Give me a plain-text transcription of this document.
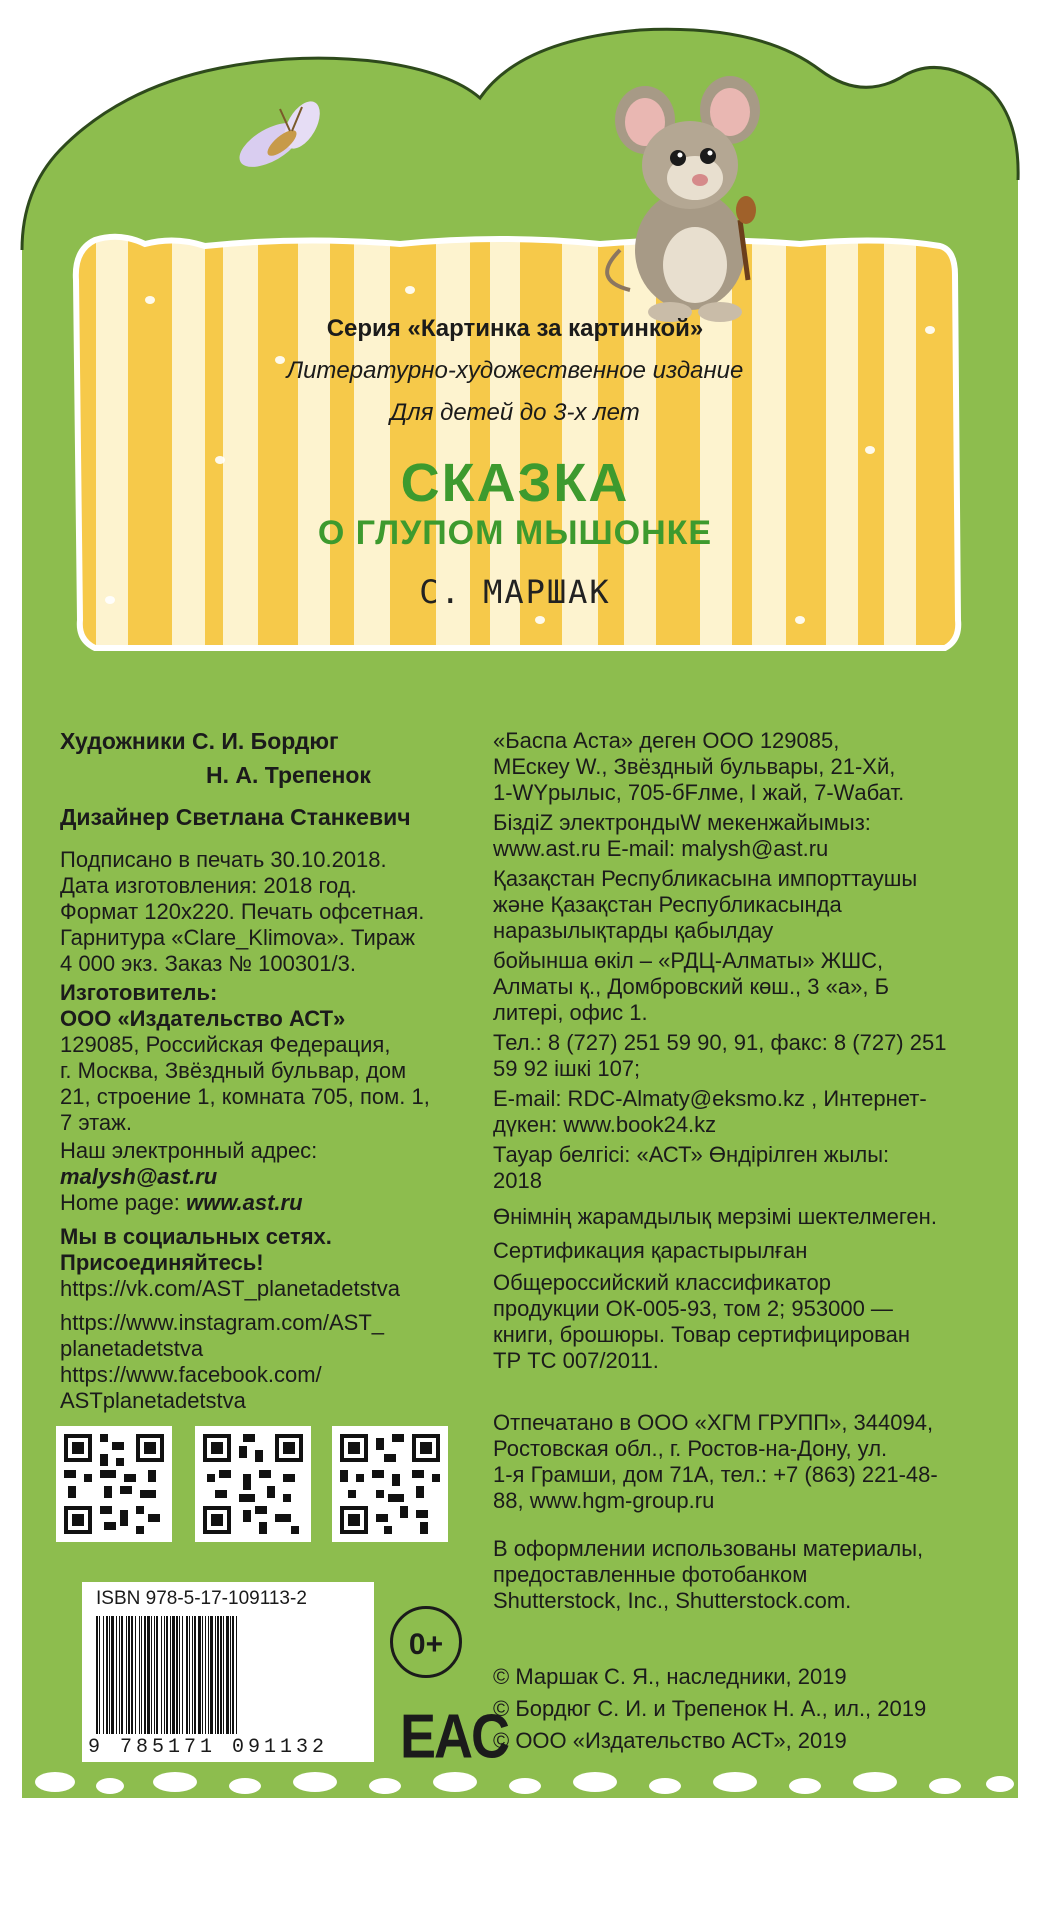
Серия «Картинка за картинкой»

Литературно-художественное издание

Для детей до 3-х лет

СКАЗКА

О ГЛУПОМ МЫШОНКЕ

С. МАРШАК

Художники С. И. Бордюг

Н. А. Трепенок

Дизайнер Светлана Станкевич

Подписано в печать 30.10.2018.
Дата изготовления: 2018 год.
Формат 120х220. Печать офсетная.
Гарнитура «Clare_Klimova». Тираж
4 000 экз. Заказ № 100301/3.

Изготовитель:

ООО «Издательство АСТ»

129085, Российская Федерация,
г. Москва, Звёздный бульвар, дом
21, строение 1, комната 705, пом. 1,
7 этаж.

Наш электронный адрес:

malysh@ast.ru

Home page: www.ast.ru

Мы в социальных сетях.
Присоединяйтесь!

https://vk.com/AST_planetadetstva

https://www.instagram.com/AST_
planetadetstva

https://www.facebook.com/
ASTplanetadetstva

ISBN 978-5-17-109113-2
9 785171 091132
0+
EAC

«Баспа Аста» деген ООО 129085,
МЕскеу W., Звёздный бульвары, 21-Хй,
1-WYрылыс, 705-бFлме, I жай, 7-Wабат.

БiздiZ электрондыW мекенжайымыз:
www.ast.ru E-mail: malysh@ast.ru

Қазақстан Республикасына импорттаушы
және Қазақстан Республикасында
наразылықтарды қабылдау

бойынша өкіл – «РДЦ-Алматы» ЖШС,
Алматы қ., Домбровский көш., 3 «а», Б
литері, офис 1.

Тел.: 8 (727) 251 59 90, 91, факс: 8 (727) 251
59 92 ішкі 107;

E-mail: RDC-Almaty@eksmo.kz , Интернет-
дүкен: www.book24.kz

Тауар белгісі: «АСТ» Өндірілген жылы:
2018

Өнімнің жарамдылық мерзімі шектелмеген.

Сертификация қарастырылған

Общероссийский классификатор
продукции ОК-005-93, том 2; 953000 —
книги, брошюры. Товар сертифицирован
ТР ТС 007/2011.

Отпечатано в ООО «ХГМ ГРУПП», 344094,
Ростовская обл., г. Ростов-на-Дону, ул.
1-я Грамши, дом 71А, тел.: +7 (863) 221-48-
88, www.hgm-group.ru

В оформлении использованы материалы,
предоставленные фотобанком
Shutterstock, Inc., Shutterstock.com.

© Маршак С. Я., наследники, 2019

© Бордюг С. И. и Трепенок Н. А., ил., 2019

© ООО «Издательство АСТ», 2019
